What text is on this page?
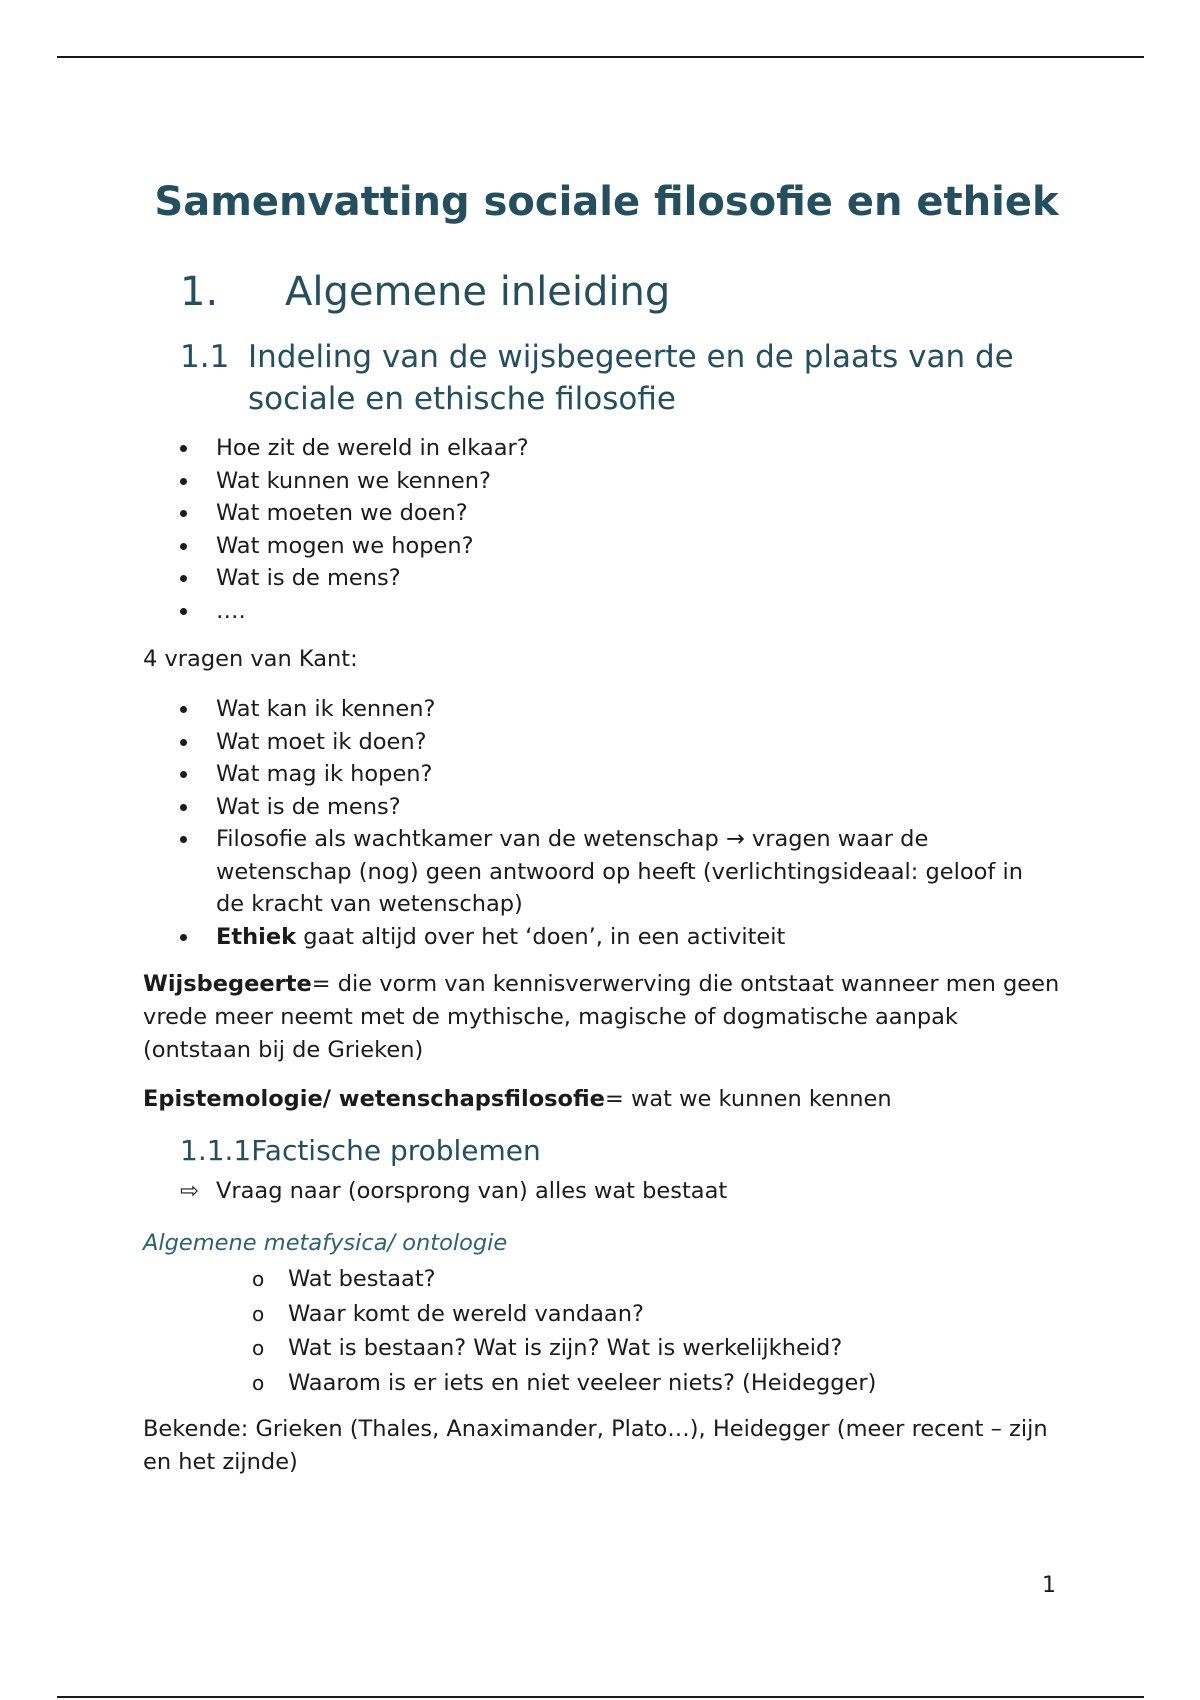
Samenvatting sociale filosofie en ethiek
1. Algemene inleiding
1.1 Indeling van de wijsbegeerte en de plaats van de sociale en ethische filosofie
Hoe zit de wereld in elkaar?
Wat kunnen we kennen?
Wat moeten we doen?
Wat mogen we hopen?
Wat is de mens?
….

4 vragen van Kant:

Wat kan ik kennen?
Wat moet ik doen?
Wat mag ik hopen?
Wat is de mens?
Filosofie als wachtkamer van de wetenschap → vragen waar de wetenschap (nog) geen antwoord op heeft (verlichtingsideaal: geloof in de kracht van wetenschap)
Ethiek gaat altijd over het ‘doen’, in een activiteit

Wijsbegeerte= die vorm van kennisverwerving die ontstaat wanneer men geen vrede meer neemt met de mythische, magische of dogmatische aanpak (ontstaan bij de Grieken)

Epistemologie/ wetenschapsfilosofie= wat we kunnen kennen

1.1.1Factische problemen
⇨ Vraag naar (oorsprong van) alles wat bestaat
Algemene metafysica/ ontologie
o Wat bestaat?
o Waar komt de wereld vandaan?
o Wat is bestaan? Wat is zijn? Wat is werkelijkheid?
o Waarom is er iets en niet veeleer niets? (Heidegger)

Bekende: Grieken (Thales, Anaximander, Plato…), Heidegger (meer recent – zijn en het zijnde)

1
